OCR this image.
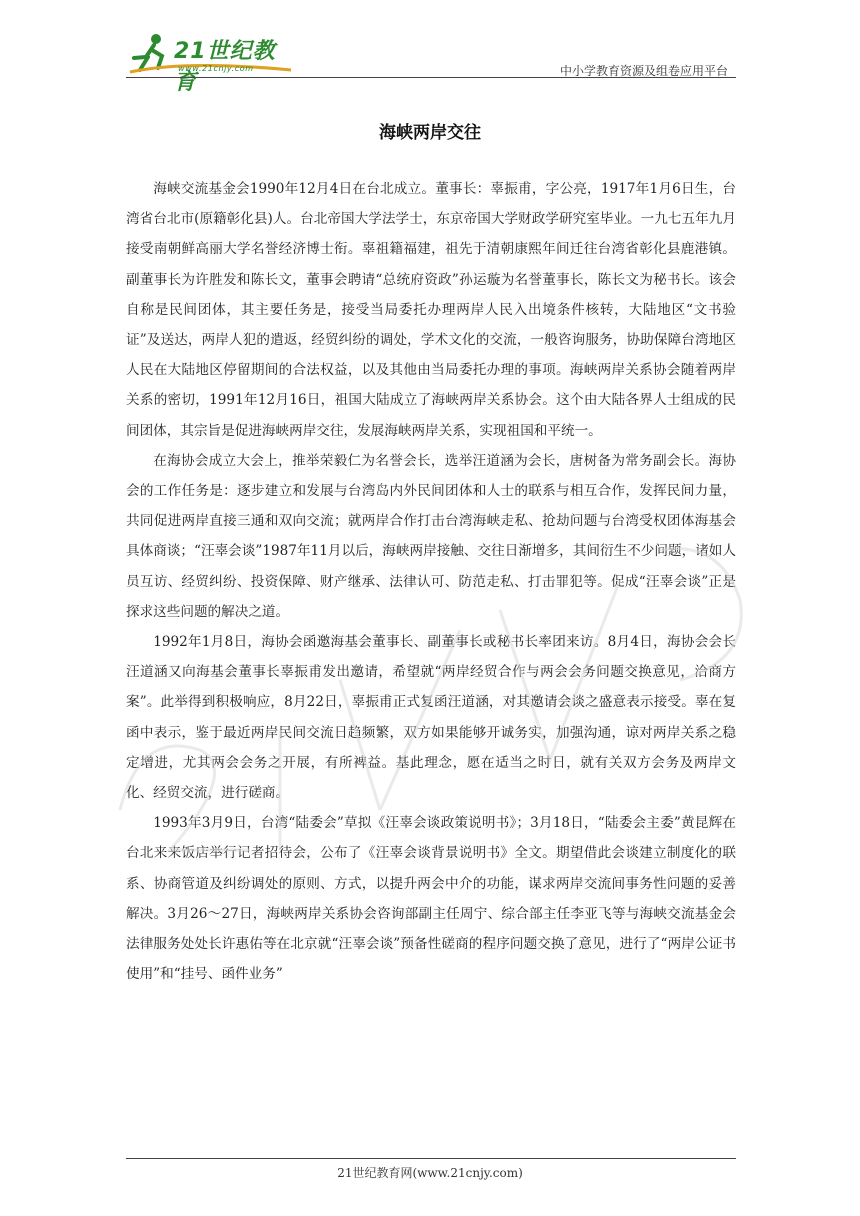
21世纪教育
www.21cnjy.com	中小学教育资源及组卷应用平台
海峡两岸交往

海峡交流基金会1990年12月4日在台北成立。董事长：辜振甫，字公亮，1917年1月6日生，台湾省台北市(原籍彰化县)人。台北帝国大学法学士，东京帝国大学财政学研究室毕业。一九七五年九月接受南朝鲜高丽大学名誉经济博士衔。辜祖籍福建，祖先于清朝康熙年间迁往台湾省彰化县鹿港镇。副董事长为许胜发和陈长文，董事会聘请“总统府资政”孙运璇为名誉董事长，陈长文为秘书长。该会自称是民间团体，其主要任务是，接受当局委托办理两岸人民入出境条件核转，大陆地区“文书验证”及送达，两岸人犯的遣返，经贸纠纷的调处，学术文化的交流，一般咨询服务，协助保障台湾地区人民在大陆地区停留期间的合法权益，以及其他由当局委托办理的事项。海峡两岸关系协会随着两岸关系的密切，1991年12月16日，祖国大陆成立了海峡两岸关系协会。这个由大陆各界人士组成的民间团体，其宗旨是促进海峡两岸交往，发展海峡两岸关系，实现祖国和平统一。

在海协会成立大会上，推举荣毅仁为名誉会长，选举汪道涵为会长，唐树备为常务副会长。海协会的工作任务是：逐步建立和发展与台湾岛内外民间团体和人士的联系与相互合作，发挥民间力量，共同促进两岸直接三通和双向交流；就两岸合作打击台湾海峡走私、抢劫问题与台湾受权团体海基会具体商谈；“汪辜会谈”1987年11月以后，海峡两岸接触、交往日渐增多，其间衍生不少问题，诸如人员互访、经贸纠纷、投资保障、财产继承、法律认可、防范走私、打击罪犯等。促成“汪辜会谈”正是探求这些问题的解决之道。

1992年1月8日，海协会函邀海基会董事长、副董事长或秘书长率团来访。8月4日，海协会会长汪道涵又向海基会董事长辜振甫发出邀请，希望就“两岸经贸合作与两会会务问题交换意见，洽商方案”。此举得到积极响应，8月22日，辜振甫正式复函汪道涵，对其邀请会谈之盛意表示接受。辜在复函中表示，鉴于最近两岸民间交流日趋频繁，双方如果能够开诚务实，加强沟通，谅对两岸关系之稳定增进，尤其两会会务之开展，有所裨益。基此理念，愿在适当之时日，就有关双方会务及两岸文化、经贸交流，进行磋商。

1993年3月9日，台湾“陆委会”草拟《汪辜会谈政策说明书》；3月18日，“陆委会主委”黄昆辉在台北来来饭店举行记者招待会，公布了《汪辜会谈背景说明书》全文。期望借此会谈建立制度化的联系、协商管道及纠纷调处的原则、方式，以提升两会中介的功能，谋求两岸交流间事务性问题的妥善解决。3月26～27日，海峡两岸关系协会咨询部副主任周宁、综合部主任李亚飞等与海峡交流基金会法律服务处处长许惠佑等在北京就“汪辜会谈”预备性磋商的程序问题交换了意见，进行了“两岸公证书使用”和“挂号、函件业务”

21世纪教育网(www.21cnjy.com)
